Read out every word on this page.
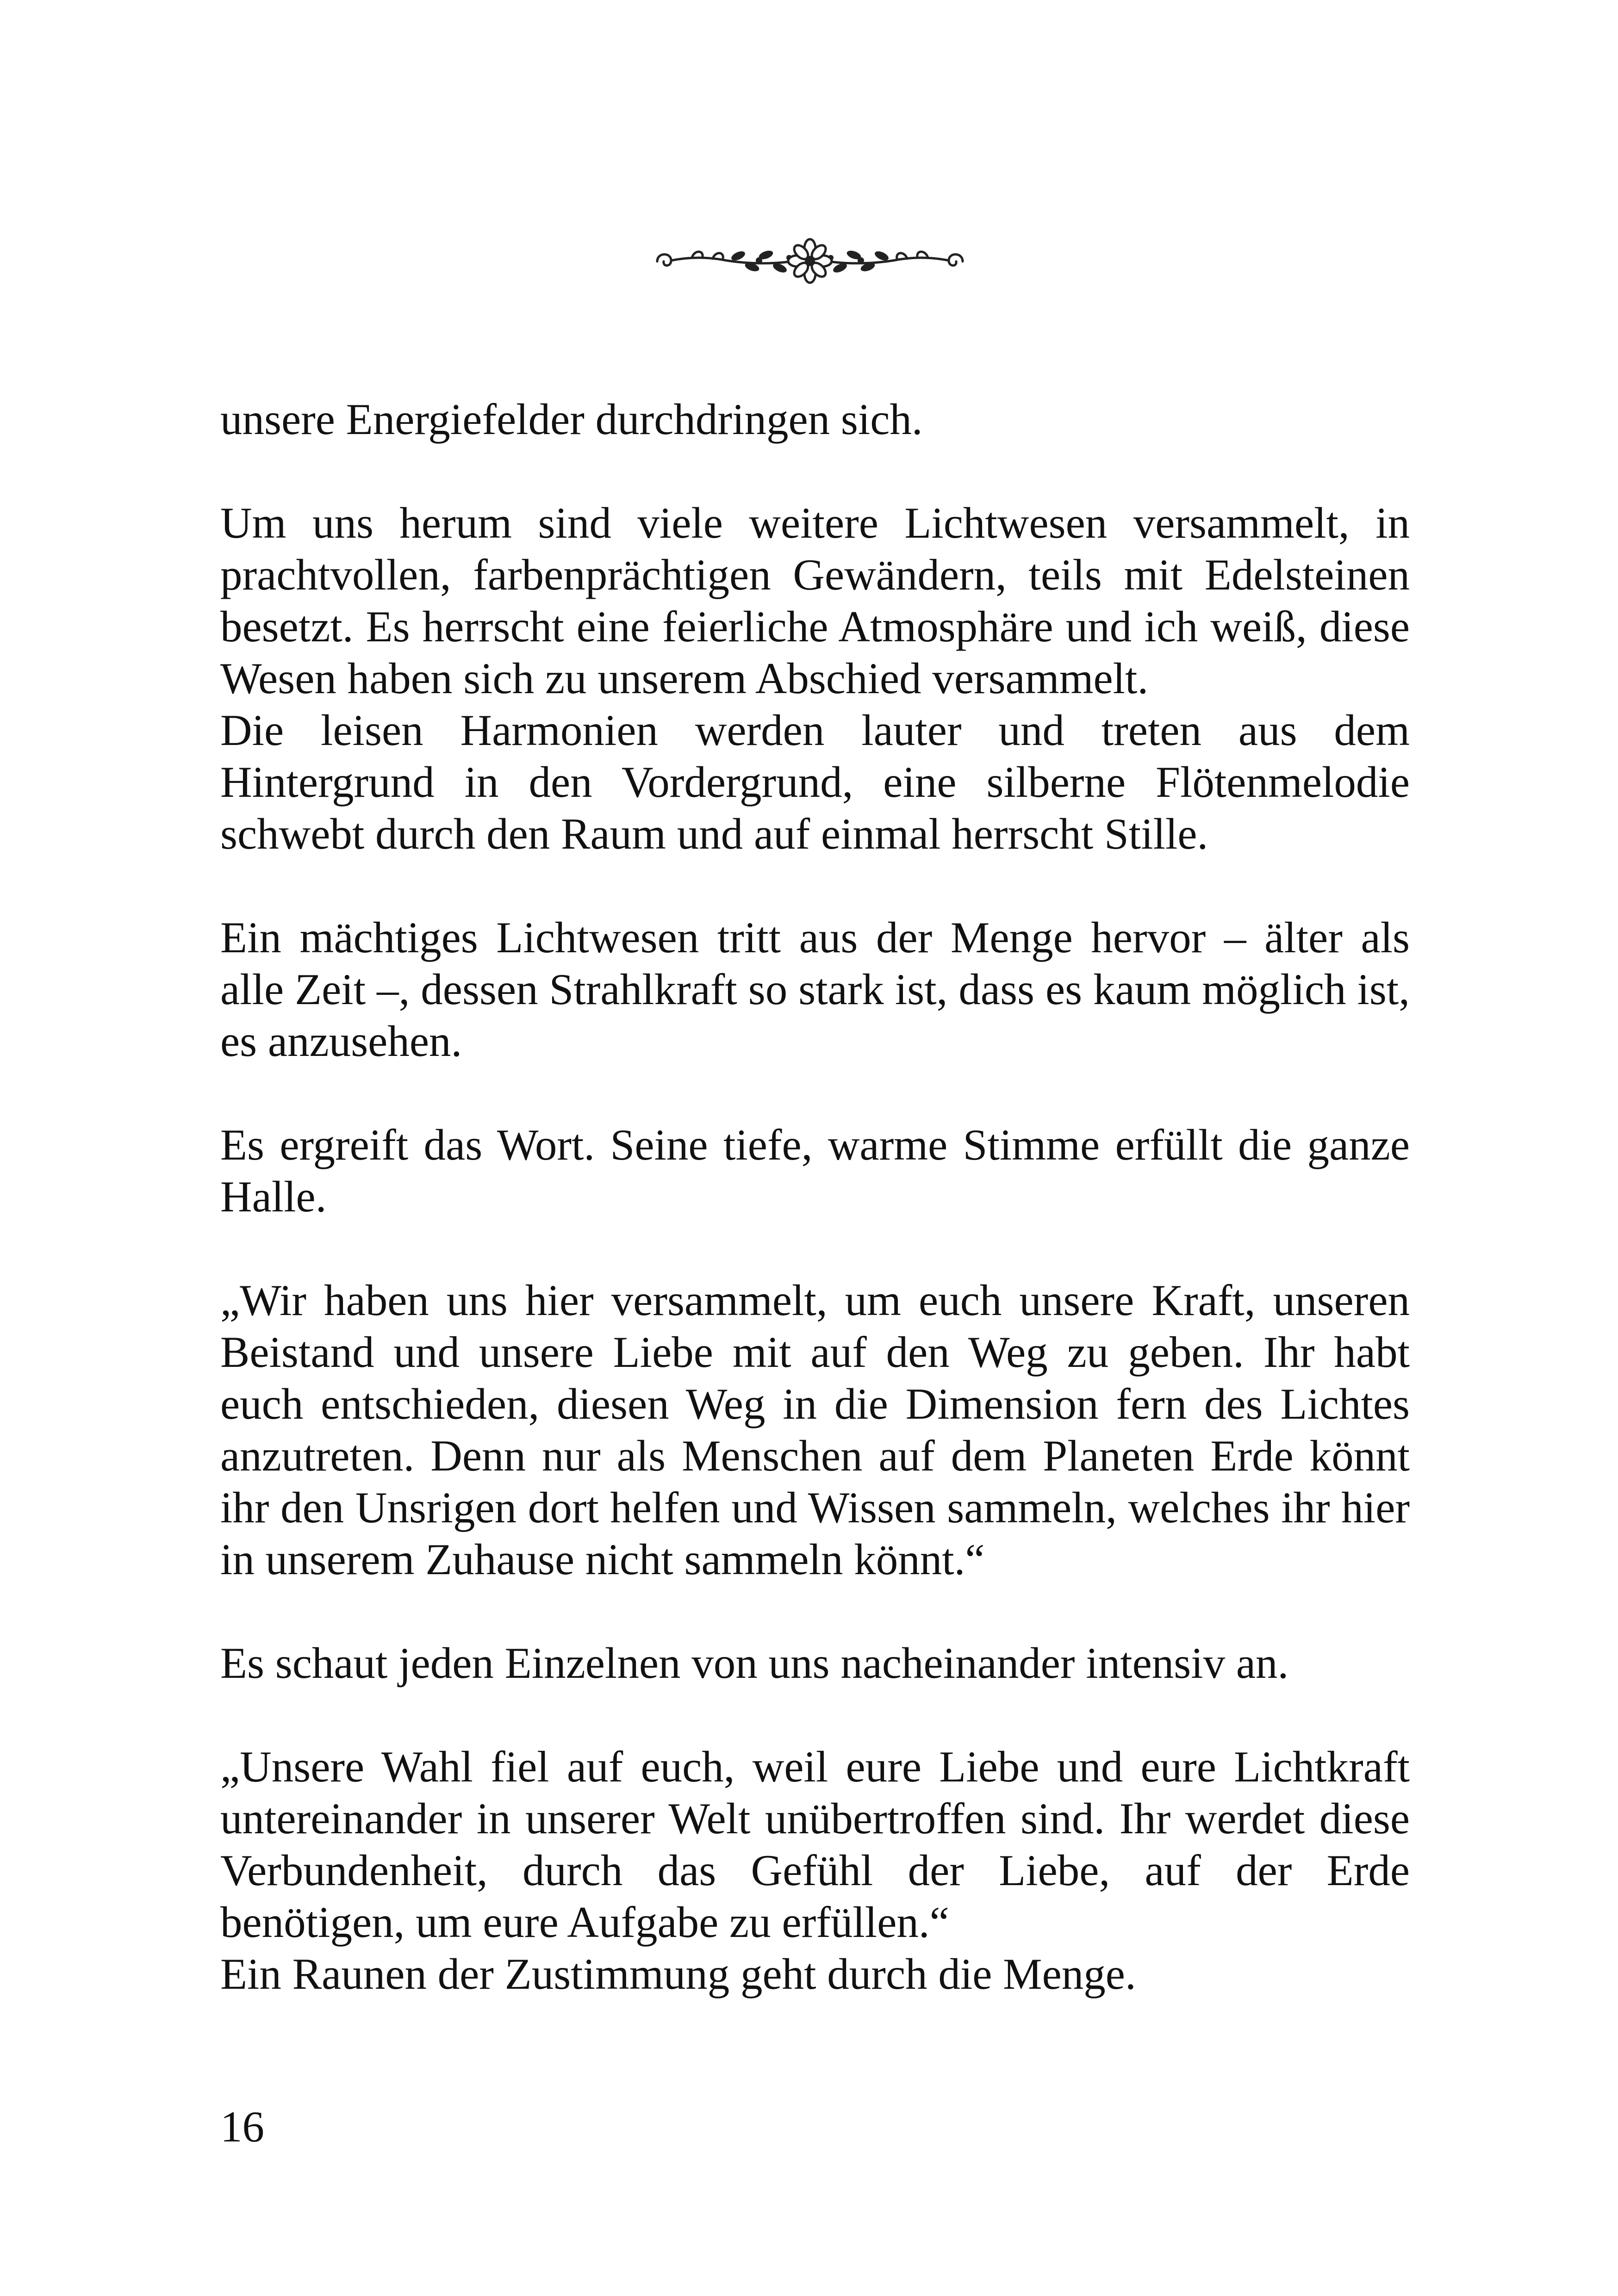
unsere Energiefelder durchdringen sich.

Um uns herum sind viele weitere Lichtwesen versammelt, in prachtvollen, farbenprächtigen Gewändern, teils mit Edelsteinen besetzt. Es herrscht eine feierliche Atmosphäre und ich weiß, diese Wesen haben sich zu unserem Abschied versammelt.

Die leisen Harmonien werden lauter und treten aus dem Hintergrund in den Vordergrund, eine silberne Flötenmelodie schwebt durch den Raum und auf einmal herrscht Stille.

Ein mächtiges Lichtwesen tritt aus der Menge hervor – älter als alle Zeit –, dessen Strahlkraft so stark ist, dass es kaum möglich ist, es anzusehen.

Es ergreift das Wort. Seine tiefe, warme Stimme erfüllt die ganze Halle.

„Wir haben uns hier versammelt, um euch unsere Kraft, unseren Beistand und unsere Liebe mit auf den Weg zu geben. Ihr habt euch entschieden, diesen Weg in die Dimension fern des Lichtes anzutreten. Denn nur als Menschen auf dem Planeten Erde könnt ihr den Unsrigen dort helfen und Wissen sammeln, welches ihr hier in unserem Zuhause nicht sammeln könnt.“

Es schaut jeden Einzelnen von uns nacheinander intensiv an.

„Unsere Wahl fiel auf euch, weil eure Liebe und eure Lichtkraft untereinander in unserer Welt unübertroffen sind. Ihr werdet diese Verbundenheit, durch das Gefühl der Liebe, auf der Erde benötigen, um eure Aufgabe zu erfüllen.“

Ein Raunen der Zustimmung geht durch die Menge.

16
